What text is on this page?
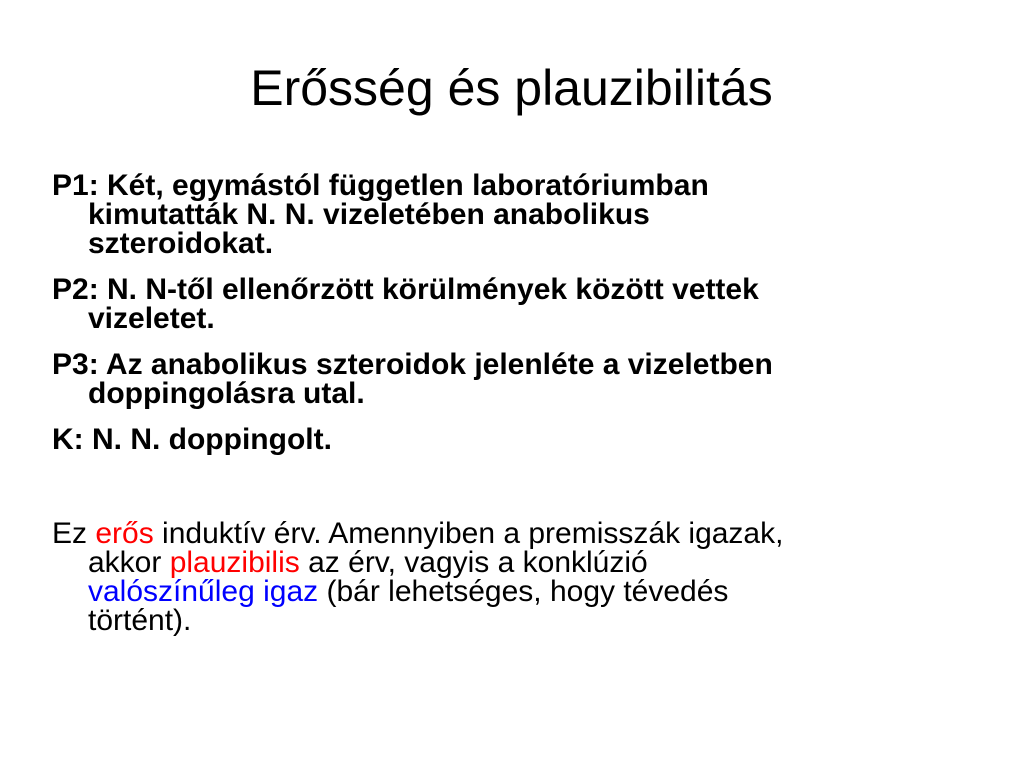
Erősség és plauzibilitás
P1: Két, egymástól független laboratóriumban
kimutatták N. N. vizeletében anabolikus
szteroidokat.
P2: N. N-től ellenőrzött körülmények között vettek
vizeletet.
P3: Az anabolikus szteroidok jelenléte a vizeletben
doppingolásra utal.
K: N. N. doppingolt.
Ez erős induktív érv. Amennyiben a premisszák igazak,
akkor plauzibilis az érv, vagyis a konklúzió
valószínűleg igaz (bár lehetséges, hogy tévedés
történt).
